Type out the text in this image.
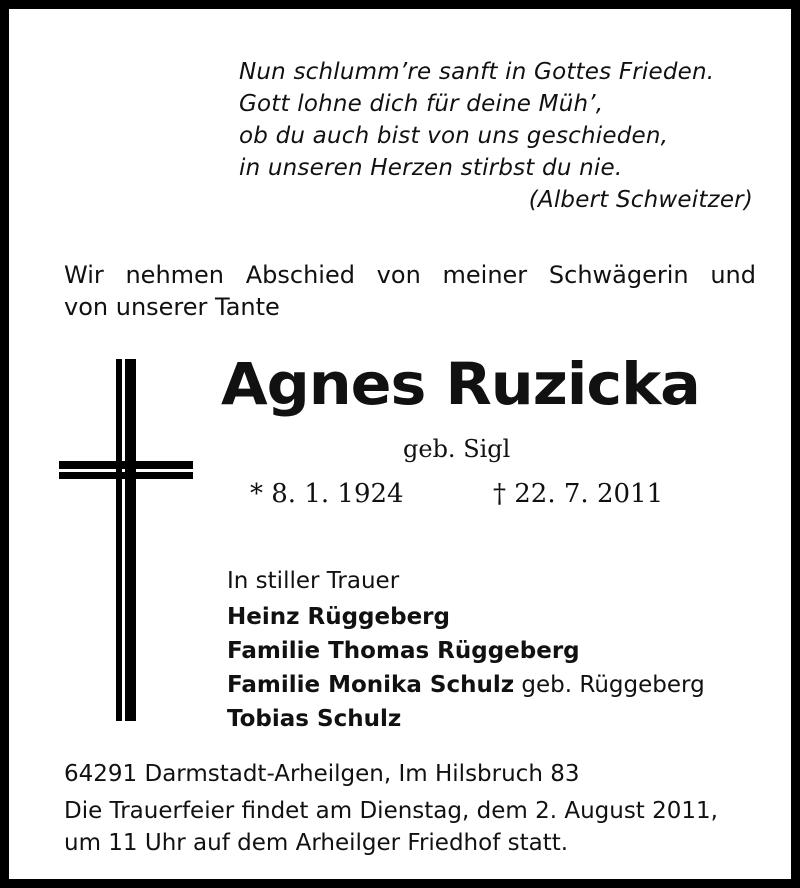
Nun schlumm’re sanft in Gottes Frieden.
Gott lohne dich für deine Müh’,
ob du auch bist von uns geschieden,
in unseren Herzen stirbst du nie.
(Albert Schweitzer)
Wir nehmen Abschied von meiner Schwägerin und
von unserer Tante
Agnes Ruzicka
geb. Sigl
* 8. 1. 1924	† 22. 7. 2011
In stiller Trauer
Heinz Rüggeberg
Familie Thomas Rüggeberg
Familie Monika Schulz geb. Rüggeberg
Tobias Schulz
64291 Darmstadt-Arheilgen, Im Hilsbruch 83
Die Trauerfeier findet am Dienstag, dem 2. August 2011,
um 11 Uhr auf dem Arheilger Friedhof statt.
